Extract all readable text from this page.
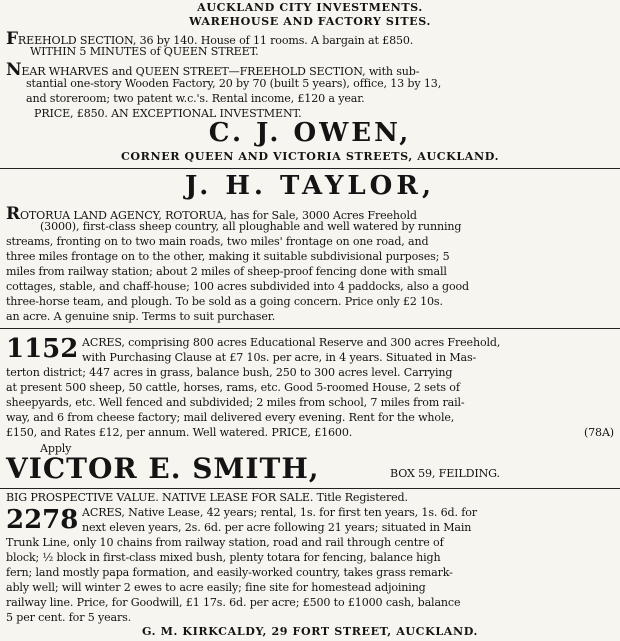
AUCKLAND CITY INVESTMENTS.
WAREHOUSE AND FACTORY SITES.
FREEHOLD SECTION, 36 by 140. House of 11 rooms. A bargain at £850.
WITHIN 5 MINUTES of QUEEN STREET.
NEAR WHARVES and QUEEN STREET—FREEHOLD SECTION, with sub-
stantial one-story Wooden Factory, 20 by 70 (built 5 years), office, 13 by 13,
and storeroom; two patent w.c.'s. Rental income, £120 a year.
PRICE, £850. AN EXCEPTIONAL INVESTMENT.
C. J. OWEN,
CORNER QUEEN AND VICTORIA STREETS, AUCKLAND.
J. H. TAYLOR,
ROTORUA LAND AGENCY, ROTORUA, has for Sale, 3000 Acres Freehold
(3000), first-class sheep country, all ploughable and well watered by running
streams, fronting on to two main roads, two miles' frontage on one road, and
three miles frontage on to the other, making it suitable subdivisional purposes; 5
miles from railway station; about 2 miles of sheep-proof fencing done with small
cottages, stable, and chaff-house; 100 acres subdivided into 4 paddocks, also a good
three-horse team, and plough. To be sold as a going concern. Price only £2 10s.
an acre. A genuine snip. Terms to suit purchaser.
1152 ACRES, comprising 800 acres Educational Reserve and 300 acres Freehold,
with Purchasing Clause at £7 10s. per acre, in 4 years. Situated in Mas-
terton district; 447 acres in grass, balance bush, 250 to 300 acres level. Carrying
at present 500 sheep, 50 cattle, horses, rams, etc. Good 5-roomed House, 2 sets of
sheepyards, etc. Well fenced and subdivided; 2 miles from school, 7 miles from rail-
way, and 6 from cheese factory; mail delivered every evening. Rent for the whole,
£150, and Rates £12, per annum. Well watered. PRICE, £1600.	(78A)
Apply
VICTOR E. SMITH,	BOX 59, FEILDING.
BIG PROSPECTIVE VALUE. NATIVE LEASE FOR SALE. Title Registered.
2278 ACRES, Native Lease, 42 years; rental, 1s. for first ten years, 1s. 6d. for
next eleven years, 2s. 6d. per acre following 21 years; situated in Main
Trunk Line, only 10 chains from railway station, road and rail through centre of
block; ½ block in first-class mixed bush, plenty totara for fencing, balance high
fern; land mostly papa formation, and easily-worked country, takes grass remark-
ably well; will winter 2 ewes to acre easily; fine site for homestead adjoining
railway line. Price, for Goodwill, £1 17s. 6d. per acre; £500 to £1000 cash, balance
5 per cent. for 5 years.
G. M. KIRKCALDY, 29 FORT STREET, AUCKLAND.
